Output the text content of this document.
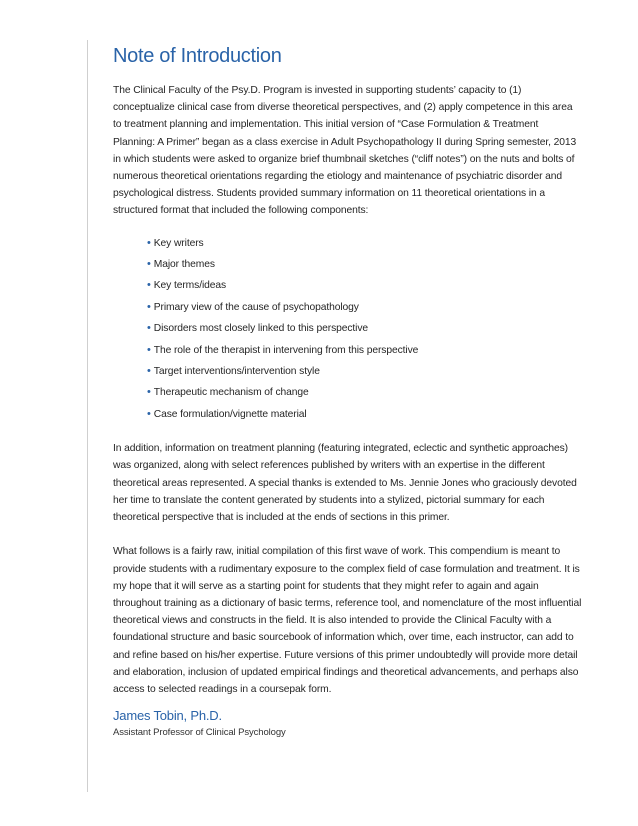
Note of Introduction

The Clinical Faculty of the Psy.D. Program is invested in supporting students’ capacity to (1) conceptualize clinical case from diverse theoretical perspectives, and (2) apply competence in this area to treatment planning and implementation. This initial version of “Case Formulation & Treatment Planning: A Primer” began as a class exercise in Adult Psychopathology II during Spring semester, 2013 in which students were asked to organize brief thumbnail sketches (“cliff notes”) on the nuts and bolts of numerous theoretical orientations regarding the etiology and maintenance of psychiatric disorder and psychological distress. Students provided summary information on 11 theoretical orientations in a structured format that included the following components:

• Key writers
• Major themes
• Key terms/ideas
• Primary view of the cause of psychopathology
• Disorders most closely linked to this perspective
• The role of the therapist in intervening from this perspective
• Target interventions/intervention style
• Therapeutic mechanism of change
• Case formulation/vignette material

In addition, information on treatment planning (featuring integrated, eclectic and synthetic approaches) was organized, along with select references published by writers with an expertise in the different theoretical areas represented. A special thanks is extended to Ms. Jennie Jones who graciously devoted her time to translate the content generated by students into a stylized, pictorial summary for each theoretical perspective that is included at the ends of sections in this primer.

What follows is a fairly raw, initial compilation of this first wave of work. This compendium is meant to provide students with a rudimentary exposure to the complex field of case formulation and treatment. It is my hope that it will serve as a starting point for students that they might refer to again and again throughout training as a dictionary of basic terms, reference tool, and nomenclature of the most influential theoretical views and constructs in the field. It is also intended to provide the Clinical Faculty with a foundational structure and basic sourcebook of information which, over time, each instructor, can add to and refine based on his/her expertise. Future versions of this primer undoubtedly will provide more detail and elaboration, inclusion of updated empirical findings and theoretical advancements, and perhaps also access to selected readings in a coursepak form.

James Tobin, Ph.D.

Assistant Professor of Clinical Psychology
